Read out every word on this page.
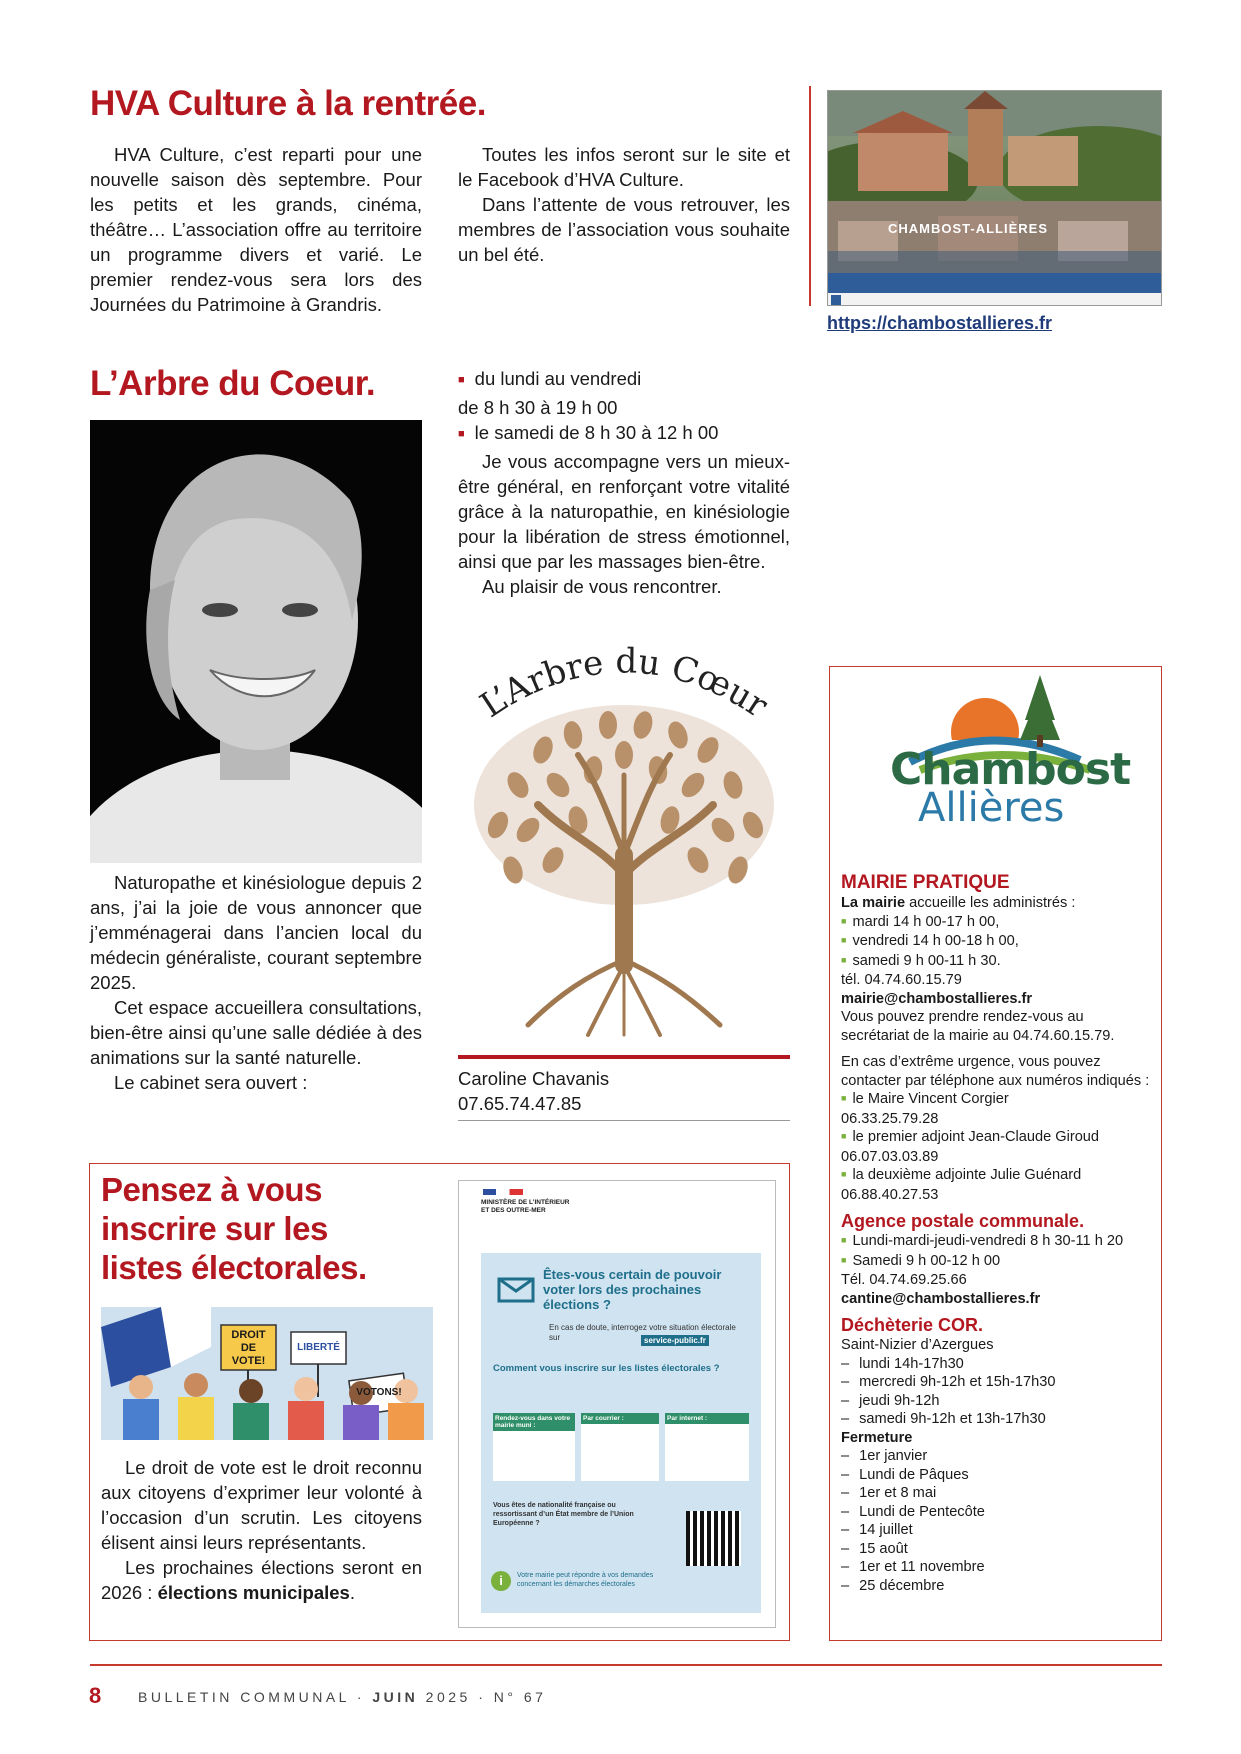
HVA Culture à la rentrée.

HVA Culture, c’est reparti pour une nouvelle saison dès septembre. Pour les petits et les grands, cinéma, théâtre… L’association offre au territoire un programme divers et varié. Le premier rendez-vous sera lors des Journées du Patrimoine à Grandris.

Toutes les infos seront sur le site et le Facebook d’HVA Culture.

Dans l’attente de vous retrouver, les membres de l’association vous souhaite un bel été.

CHAMBOST-ALLIÈRES
https://chambostallieres.fr
L’Arbre du Coeur.

■	du lundi au vendredi

de 8 h 30 à 19 h 00

■ le samedi de 8 h 30 à 12 h 00

Je vous accompagne vers un mieux-être général, en renforçant votre vitalité grâce à la naturopathie, en kinésiologie pour la libération de stress émotionnel, ainsi que par les massages bien-être.

Au plaisir de vous rencontrer.

L’Arbre du Cœur

Naturopathe et kinésiologue depuis 2 ans, j’ai la joie de vous annoncer que j’emménagerai dans l’ancien local du médecin généraliste, courant septembre 2025.

Cet espace accueillera consultations, bien-être ainsi qu’une salle dédiée à des animations sur la santé naturelle.

Le cabinet sera ouvert :	Caroline Chavanis
07.65.74.47.85
Chambost
Allières
MAIRIE PRATIQUE
La mairie accueille les administrés :
■ mardi 14 h 00-17 h 00,
■ vendredi 14 h 00-18 h 00,
■ samedi 9 h 00-11 h 30.
tél. 04.74.60.15.79
mairie@chambostallieres.fr
Vous pouvez prendre rendez-vous au secrétariat de la mairie au 04.74.60.15.79.
En cas d’extrême urgence, vous pouvez contacter par téléphone aux numéros indiqués :
■ le Maire Vincent Corgier
06.33.25.79.28
■ le premier adjoint Jean-Claude Giroud
06.07.03.03.89
■ la deuxième adjointe Julie Guénard
06.88.40.27.53
Agence postale communale.
■ Lundi-mardi-jeudi-vendredi 8 h 30-11 h 20
■ Samedi 9 h 00-12 h 00
Tél. 04.74.69.25.66
cantine@chambostallieres.fr
Déchèterie COR.
Saint-Nizier d’Azergues
– lundi 14h-17h30
– mercredi 9h-12h et 15h-17h30
– jeudi 9h-12h
– samedi 9h-12h et 13h-17h30
Fermeture
– 1er janvier
– Lundi de Pâques
– 1er et 8 mai
– Lundi de Pentecôte
– 14 juillet
– 15 août
– 1er et 11 novembre
– 25 décembre
Pensez à vous
inscrire sur les
listes électorales.
DROIT DE VOTE!
LIBERTÉ
VOTONS!

Le droit de vote est le droit reconnu aux citoyens d’exprimer leur volonté à l’occasion d’un scrutin. Les citoyens élisent ainsi leurs représentants.

Les prochaines élections seront en 2026 : élections municipales.

MINISTÈRE DE L’INTÉRIEUR ET DES OUTRE-MER
Êtes-vous certain de pouvoir voter lors des prochaines élections ?
En cas de doute, interrogez votre situation électorale sur	service-public.fr
Comment vous inscrire sur les listes électorales ?
Rendez-vous dans votre mairie muni :
Par courrier :	Par internet :
Vous êtes de nationalité française ou ressortissant d’un État membre de l’Union Européenne ?
i	Votre mairie peut répondre à vos demandes concernant les démarches électorales
8	BULLETIN COMMUNAL · JUIN 2025 · N° 67
